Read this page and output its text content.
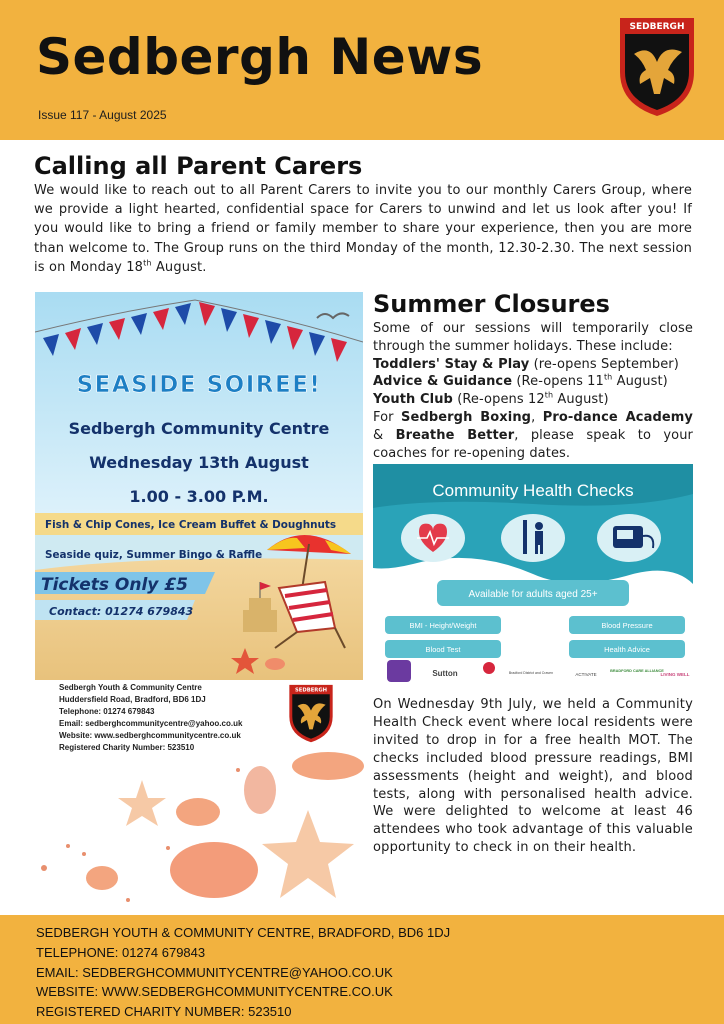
Sedbergh News
Issue 117 - August 2025
SEDBERGH
Calling all Parent Carers
We would like to reach out to all Parent Carers to invite you to our monthly Carers Group, where we provide a light hearted, confidential space for Carers to unwind and let us look after you! If you would like to bring a friend or family member to share your experience, then you are more than welcome to. The Group runs on the third Monday of the month, 12.30-2.30. The next session is on Monday 18th August.
SEASIDE SOIREE!
Sedbergh Community Centre
Wednesday 13th August
1.00 - 3.00 P.M.
Fish & Chip Cones, Ice Cream Buffet & Doughnuts
Seaside quiz, Summer Bingo & Raffle
Tickets Only £5
Contact: 01274 679843
Sedbergh Youth & Community Centre
Huddersfield Road, Bradford, BD6 1DJ
Telephone: 01274 679843
Email: sedberghcommunitycentre@yahoo.co.uk
Website: www.sedberghcommunitycentre.co.uk
Registered Charity Number: 523510
SEDBERGH
Summer Closures
Some of our sessions will temporarily close through the summer holidays. These include:
Toddlers' Stay & Play (re-opens September)
Advice & Guidance (Re-opens 11th August)
Youth Club (Re-opens 12th August)
For Sedbergh Boxing, Pro-dance Academy & Breathe Better, please speak to your coaches for re-opening dates.
Community Health Checks
Available for adults aged 25+
BMI - Height/Weight	Blood Pressure
Blood Test	Health Advice
Sutton	Bradford District and Craven	ACTIVATE
BRADFORD CARE ALLIANCE
LIVING WELL
On Wednesday 9th July, we held a Community Health Check event where local residents were invited to drop in for a free health MOT. The checks included blood pressure readings, BMI assessments (height and weight), and blood tests, along with personalised health advice. We were delighted to welcome at least 46 attendees who took advantage of this valuable opportunity to check in on their health.
SEDBERGH YOUTH & COMMUNITY CENTRE, BRADFORD, BD6 1DJ
TELEPHONE: 01274 679843
EMAIL: SEDBERGHCOMMUNITYCENTRE@YAHOO.CO.UK
WEBSITE: WWW.SEDBERGHCOMMUNITYCENTRE.CO.UK
REGISTERED CHARITY NUMBER: 523510
